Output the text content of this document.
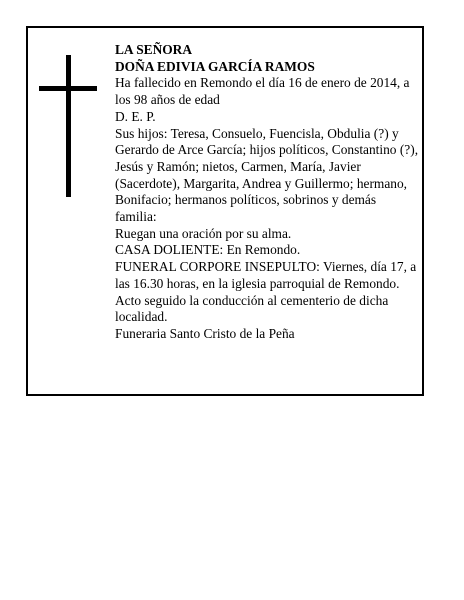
LA SEÑORA
DOÑA EDIVIA GARCÍA RAMOS
Ha fallecido en Remondo el día 16 de enero de 2014, a los 98 años de edad
D. E. P.
Sus hijos: Teresa, Consuelo, Fuencisla, Obdulia (?) y Gerardo de Arce García; hijos políticos, Constantino (?), Jesús y Ramón; nietos, Carmen, María, Javier (Sacerdote), Margarita, Andrea y Guillermo; hermano, Bonifacio; hermanos políticos, sobrinos y demás familia:
Ruegan una oración por su alma.
CASA DOLIENTE: En Remondo.
FUNERAL CORPORE INSEPULTO: Viernes, día 17, a las 16.30 horas, en la iglesia parroquial de Remondo. Acto seguido la conducción al cementerio de dicha localidad.
Funeraria Santo Cristo de la Peña
